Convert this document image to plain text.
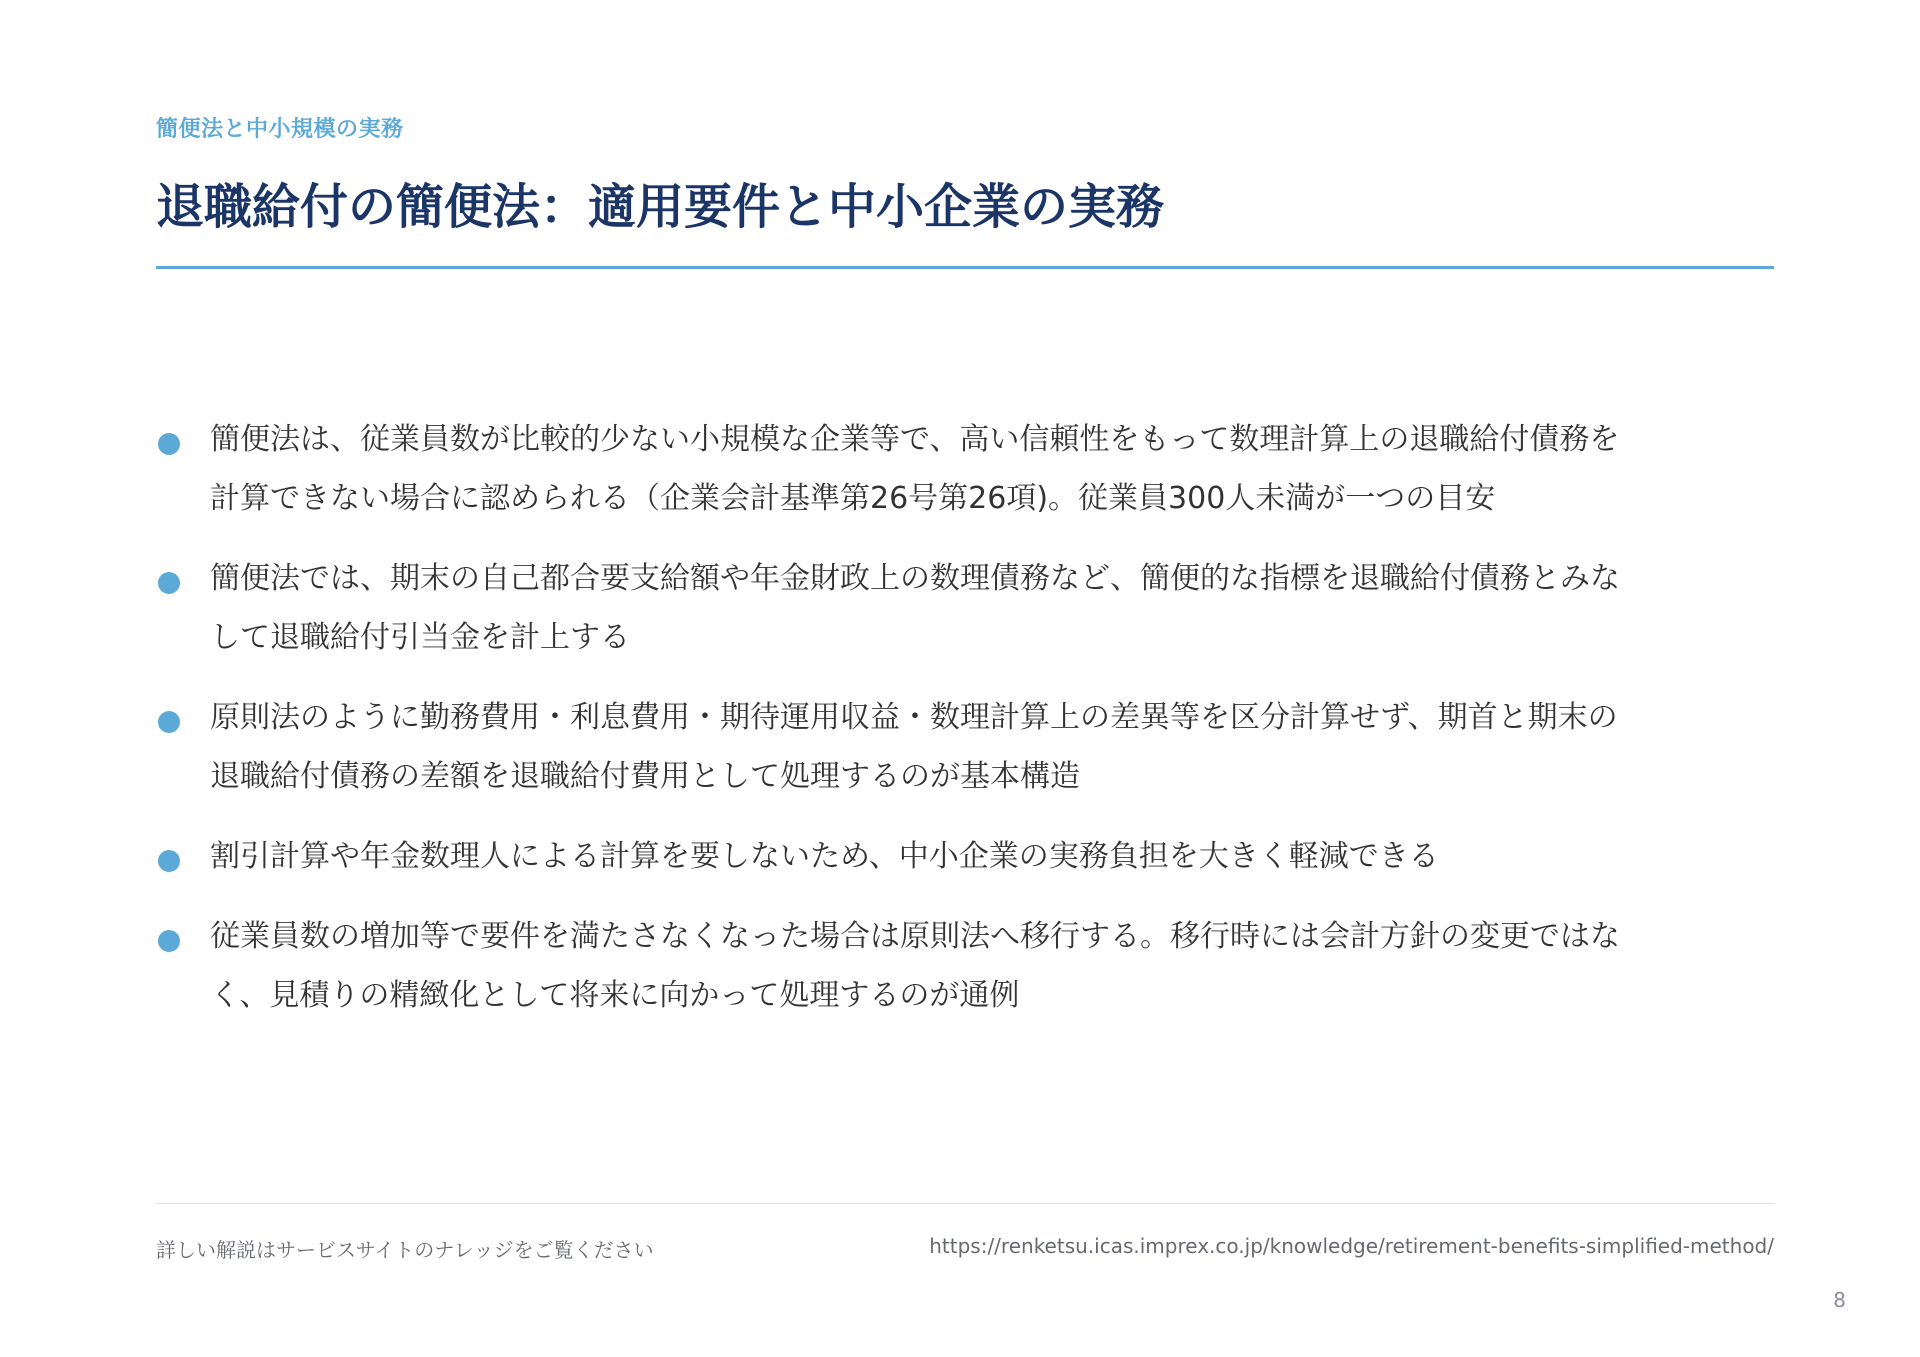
簡便法と中小規模の実務
退職給付の簡便法：適用要件と中小企業の実務
簡便法は、従業員数が比較的少ない小規模な企業等で、高い信頼性をもって数理計算上の退職給付債務を計算できない場合に認められる（企業会計基準第26号第26項)。従業員300人未満が一つの目安
簡便法では、期末の自己都合要支給額や年金財政上の数理債務など、簡便的な指標を退職給付債務とみなして退職給付引当金を計上する
原則法のように勤務費用・利息費用・期待運用収益・数理計算上の差異等を区分計算せず、期首と期末の退職給付債務の差額を退職給付費用として処理するのが基本構造
割引計算や年金数理人による計算を要しないため、中小企業の実務負担を大きく軽減できる
従業員数の増加等で要件を満たさなくなった場合は原則法へ移行する。移行時には会計方針の変更ではなく、見積りの精緻化として将来に向かって処理するのが通例
詳しい解説はサービスサイトのナレッジをご覧ください	https://renketsu.icas.imprex.co.jp/knowledge/retirement-benefits-simplified-method/
8
